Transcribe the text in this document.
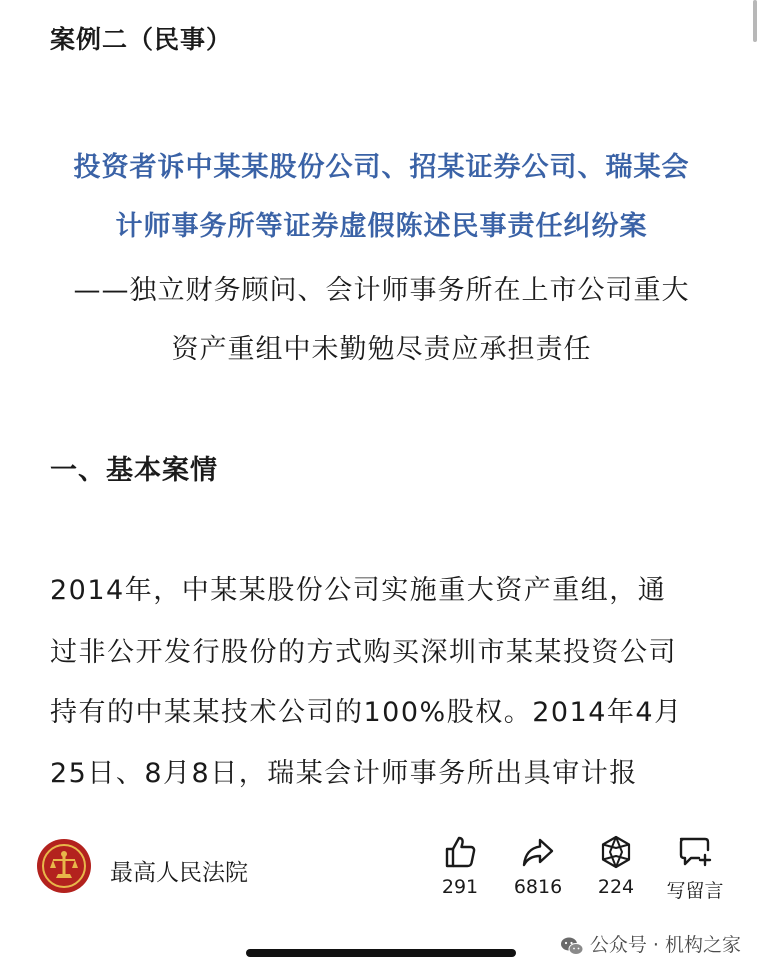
案例二（民事）
投资者诉中某某股份公司、招某证券公司、瑞某会
计师事务所等证券虚假陈述民事责任纠纷案
——独立财务顾问、会计师事务所在上市公司重大
资产重组中未勤勉尽责应承担责任
一、基本案情
2014年，中某某股份公司实施重大资产重组，通
过非公开发行股份的方式购买深圳市某某投资公司
持有的中某某技术公司的100%股权。2014年4月
25日、8月8日，瑞某会计师事务所出具审计报
最高人民法院
291	6816	224	写留言
公众号 · 机构之家
